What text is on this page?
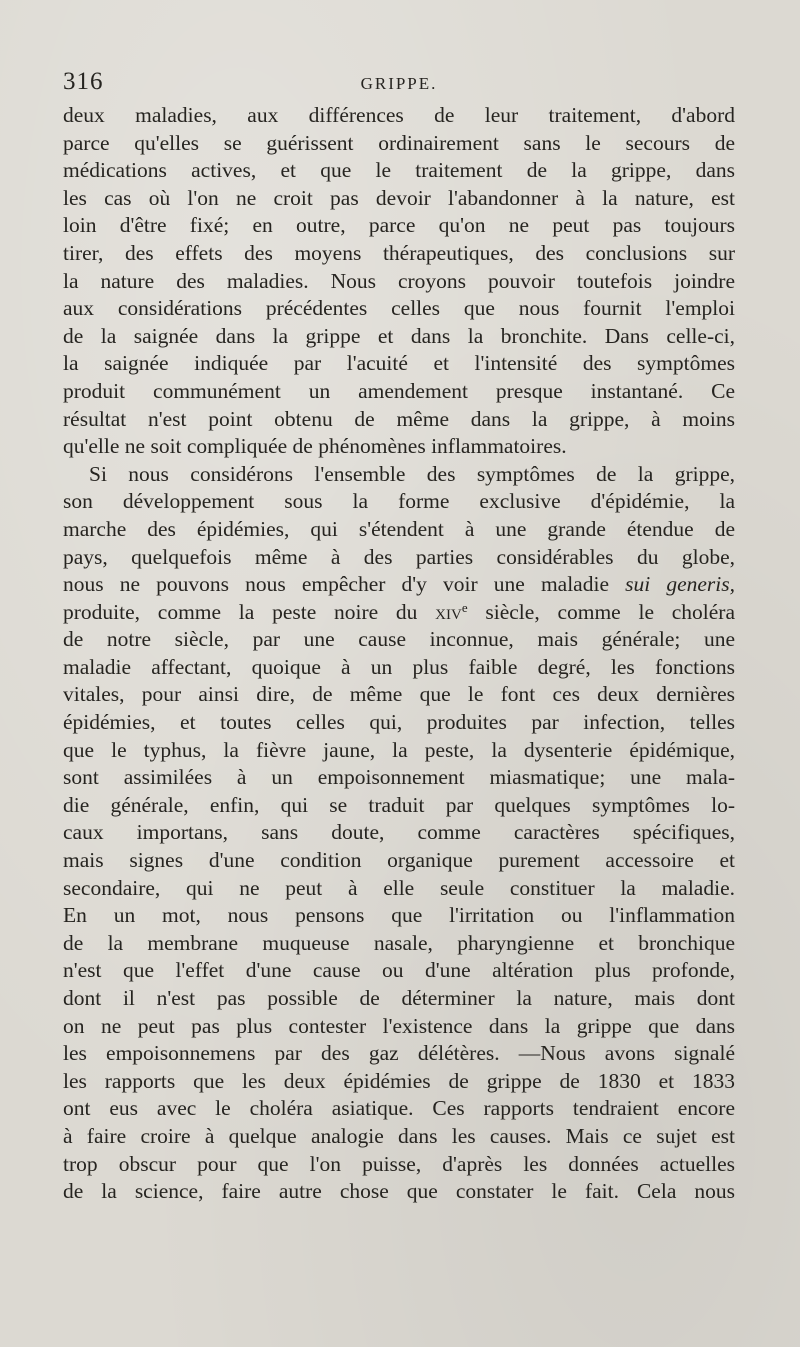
316	GRIPPE.
deux maladies, aux différences de leur traitement, d'abord
parce qu'elles se guérissent ordinairement sans le secours de
médications actives, et que le traitement de la grippe, dans
les cas où l'on ne croit pas devoir l'abandonner à la nature, est
loin d'être fixé; en outre, parce qu'on ne peut pas toujours
tirer, des effets des moyens thérapeutiques, des conclusions sur
la nature des maladies. Nous croyons pouvoir toutefois joindre
aux considérations précédentes celles que nous fournit l'emploi
de la saignée dans la grippe et dans la bronchite. Dans celle-ci,
la saignée indiquée par l'acuité et l'intensité des symptômes
produit communément un amendement presque instantané. Ce
résultat n'est point obtenu de même dans la grippe, à moins
qu'elle ne soit compliquée de phénomènes inflammatoires.
Si nous considérons l'ensemble des symptômes de la grippe,
son développement sous la forme exclusive d'épidémie, la
marche des épidémies, qui s'étendent à une grande étendue de
pays, quelquefois même à des parties considérables du globe,
nous ne pouvons nous empêcher d'y voir une maladie sui generis,
produite, comme la peste noire du xiv$^e$ siècle, comme le choléra
de notre siècle, par une cause inconnue, mais générale; une
maladie affectant, quoique à un plus faible degré, les fonctions
vitales, pour ainsi dire, de même que le font ces deux dernières
épidémies, et toutes celles qui, produites par infection, telles
que le typhus, la fièvre jaune, la peste, la dysenterie épidémique,
sont assimilées à un empoisonnement miasmatique; une mala-
die générale, enfin, qui se traduit par quelques symptômes lo-
caux importans, sans doute, comme caractères spécifiques,
mais signes d'une condition organique purement accessoire et
secondaire, qui ne peut à elle seule constituer la maladie.
En un mot, nous pensons que l'irritation ou l'inflammation
de la membrane muqueuse nasale, pharyngienne et bronchique
n'est que l'effet d'une cause ou d'une altération plus profonde,
dont il n'est pas possible de déterminer la nature, mais dont
on ne peut pas plus contester l'existence dans la grippe que dans
les empoisonnemens par des gaz délétères. —Nous avons signalé
les rapports que les deux épidémies de grippe de 1830 et 1833
ont eus avec le choléra asiatique. Ces rapports tendraient encore
à faire croire à quelque analogie dans les causes. Mais ce sujet est
trop obscur pour que l'on puisse, d'après les données actuelles
de la science, faire autre chose que constater le fait. Cela nous
